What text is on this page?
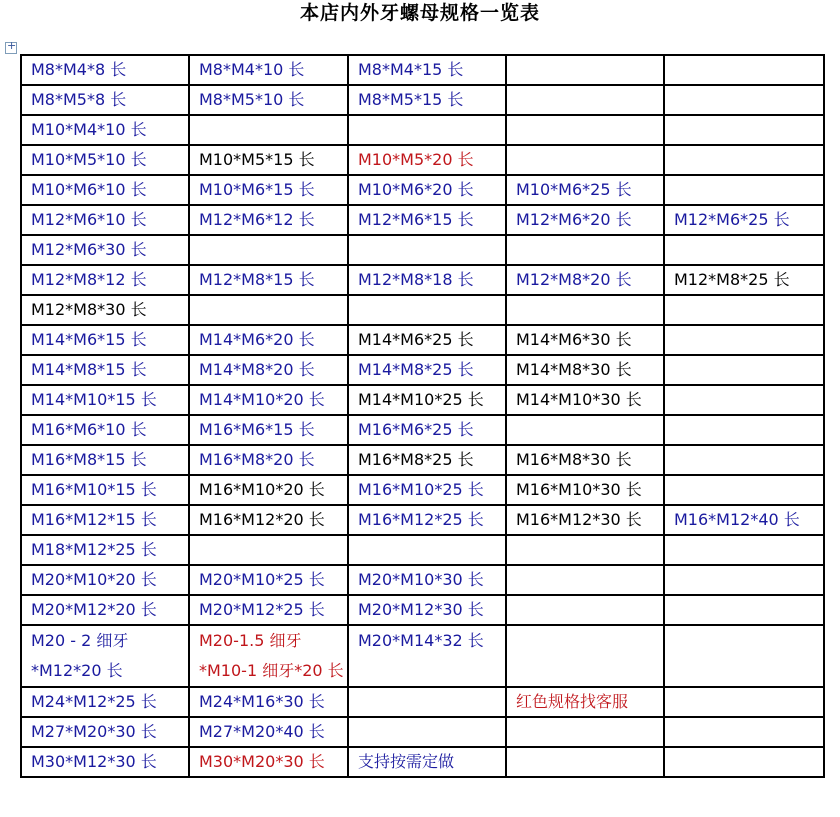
本店内外牙螺母规格一览表
+
M8*M4*8 长	M8*M4*10 长	M8*M4*15 长		
M8*M5*8 长	M8*M5*10 长	M8*M5*15 长		
M10*M4*10 长				
M10*M5*10 长	M10*M5*15 长	M10*M5*20 长		
M10*M6*10 长	M10*M6*15 长	M10*M6*20 长	M10*M6*25 长	
M12*M6*10 长	M12*M6*12 长	M12*M6*15 长	M12*M6*20 长	M12*M6*25 长
M12*M6*30 长				
M12*M8*12 长	M12*M8*15 长	M12*M8*18 长	M12*M8*20 长	M12*M8*25 长
M12*M8*30 长				
M14*M6*15 长	M14*M6*20 长	M14*M6*25 长	M14*M6*30 长	
M14*M8*15 长	M14*M8*20 长	M14*M8*25 长	M14*M8*30 长	
M14*M10*15 长	M14*M10*20 长	M14*M10*25 长	M14*M10*30 长	
M16*M6*10 长	M16*M6*15 长	M16*M6*25 长		
M16*M8*15 长	M16*M8*20 长	M16*M8*25 长	M16*M8*30 长	
M16*M10*15 长	M16*M10*20 长	M16*M10*25 长	M16*M10*30 长	
M16*M12*15 长	M16*M12*20 长	M16*M12*25 长	M16*M12*30 长	M16*M12*40 长
M18*M12*25 长				
M20*M10*20 长	M20*M10*25 长	M20*M10*30 长		
M20*M12*20 长	M20*M12*25 长	M20*M12*30 长		
M20 - 2 细牙 *M12*20 长	M20-1.5 细牙 *M10-1 细牙*20 长	M20*M14*32 长		
M24*M12*25 长	M24*M16*30 长		红色规格找客服	
M27*M20*30 长	M27*M20*40 长			
M30*M12*30 长	M30*M20*30 长	支持按需定做		
